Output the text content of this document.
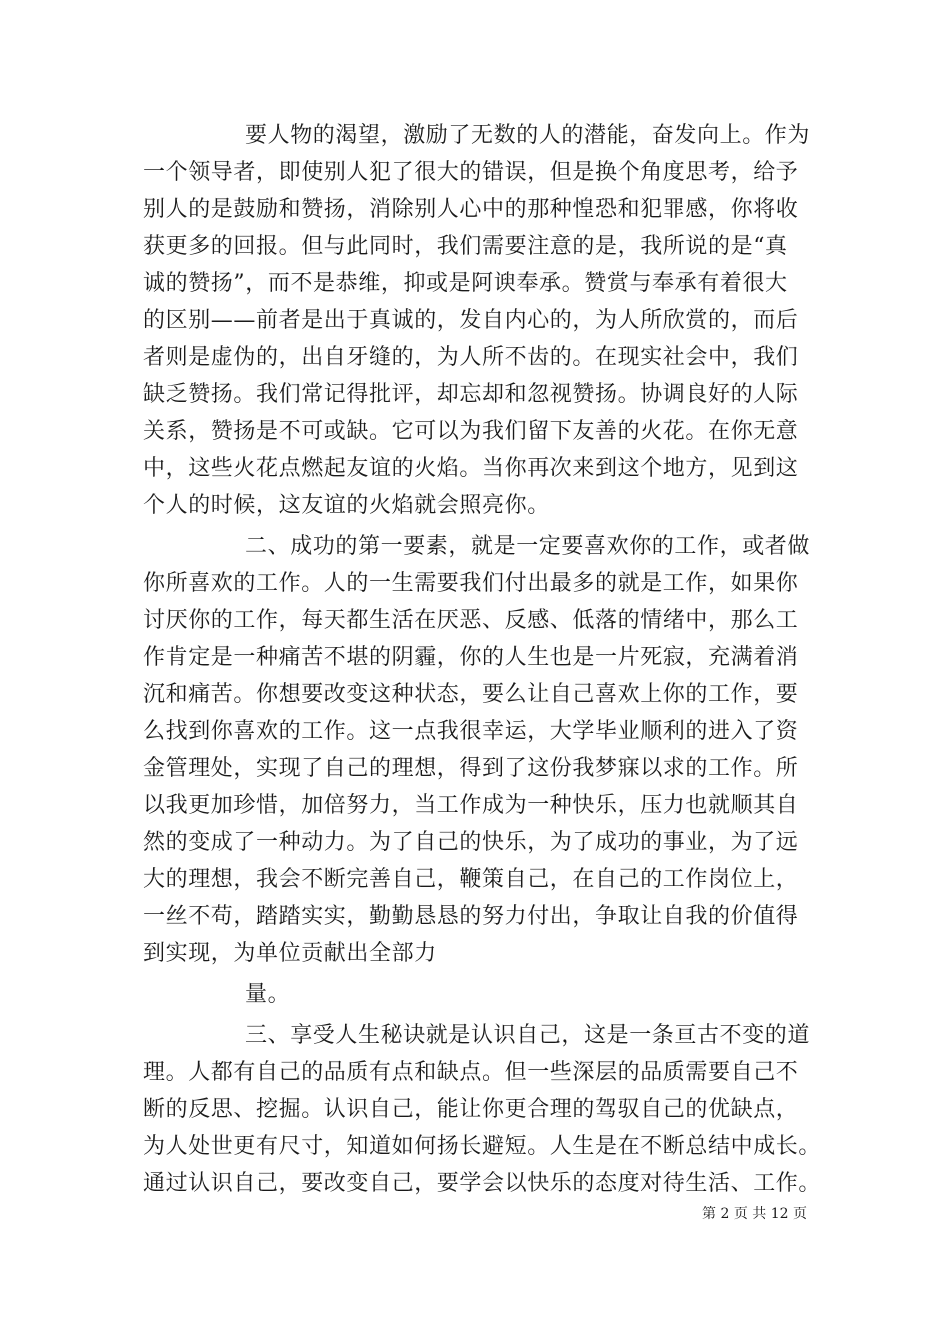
要人物的渴望，激励了无数的人的潜能，奋发向上。作为
一个领导者，即使别人犯了很大的错误，但是换个角度思考，给予
别人的是鼓励和赞扬，消除别人心中的那种惶恐和犯罪感，你将收
获更多的回报。但与此同时，我们需要注意的是，我所说的是“真
诚的赞扬”，而不是恭维，抑或是阿谀奉承。赞赏与奉承有着很大
的区别——前者是出于真诚的，发自内心的，为人所欣赏的，而后
者则是虚伪的，出自牙缝的，为人所不齿的。在现实社会中，我们
缺乏赞扬。我们常记得批评，却忘却和忽视赞扬。协调良好的人际
关系，赞扬是不可或缺。它可以为我们留下友善的火花。在你无意
中，这些火花点燃起友谊的火焰。当你再次来到这个地方，见到这
个人的时候，这友谊的火焰就会照亮你。
二、成功的第一要素，就是一定要喜欢你的工作，或者做
你所喜欢的工作。人的一生需要我们付出最多的就是工作，如果你
讨厌你的工作，每天都生活在厌恶、反感、低落的情绪中，那么工
作肯定是一种痛苦不堪的阴霾，你的人生也是一片死寂，充满着消
沉和痛苦。你想要改变这种状态，要么让自己喜欢上你的工作，要
么找到你喜欢的工作。这一点我很幸运，大学毕业顺利的进入了资
金管理处，实现了自己的理想，得到了这份我梦寐以求的工作。所
以我更加珍惜，加倍努力，当工作成为一种快乐，压力也就顺其自
然的变成了一种动力。为了自己的快乐，为了成功的事业，为了远
大的理想，我会不断完善自己，鞭策自己，在自己的工作岗位上，
一丝不苟，踏踏实实，勤勤恳恳的努力付出，争取让自我的价值得
到实现，为单位贡献出全部力
量。
三、享受人生秘诀就是认识自己，这是一条亘古不变的道
理。人都有自己的品质有点和缺点。但一些深层的品质需要自己不
断的反思、挖掘。认识自己，能让你更合理的驾驭自己的优缺点，
为人处世更有尺寸，知道如何扬长避短。人生是在不断总结中成长。
通过认识自己，要改变自己，要学会以快乐的态度对待生活、工作。
第 2 页 共 12 页
